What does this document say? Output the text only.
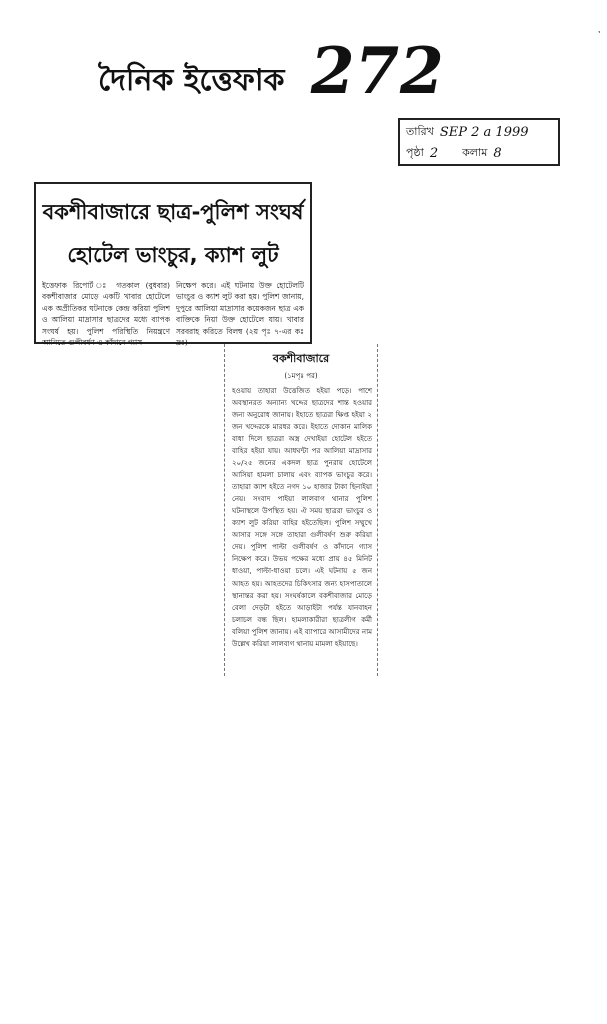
দৈনিক ইত্তেফাক 272	‛
তারিখ SEP 2 a 1999
পৃষ্ঠা 2 কলাম 8
বকশীবাজারে ছাত্র-পুলিশ সংঘর্ষ
হোটেল ভাংচুর, ক্যাশ লুট
ইত্তেফাক রিপোর্ট ঃ গতকাল (বুধবার) বকশীবাজার মোড়ে একটি খাবার হোটেলে এক অপ্রীতিকর ঘটনাকে কেন্দ্র করিয়া পুলিশ ও আলিয়া মাদ্রাসার ছাত্রদের মধ্যে ব্যাপক সংঘর্ষ হয়। পুলিশ পরিস্থিতি নিয়ন্ত্রণে আনিতে গুলীবর্ষণ ও কাঁদানে গ্যাস
নিক্ষেপ করে। এই ঘটনায় উক্ত হোটেলটি ভাংচুর ও ক্যাশ লুট করা হয়। পুলিশ জানায়, দুপুরে আলিয়া মাদ্রাসার কয়েকজন ছাত্র এক বাক্তিকে নিয়া উক্ত হোটেলে যায়। খাবার সরবরাহ করিতে বিলম্ব (২য় পৃঃ ৭-এর কঃ দ্রঃ)
বকশীবাজারে
(১মপৃঃ পর)
হওয়ায় তাহারা উত্তেজিত হইয়া পড়ে। পাশে অবস্থানরত অন্যান্য খদ্দের ছাত্রদের শান্ত হওয়ার জন্য অনুরোধ জানায়। ইহাতে ছাত্ররা ক্ষিপ্ত হইয়া ২ জন খদ্দেরকে মারধর করে। ইহাতে দোকান মালিক বাধা দিলে ছাত্ররা অস্ত্র দেখাইয়া হোটেল হইতে বাহির হইয়া যায়। আধঘন্টা পর আলিয়া মাদ্রাসার ২০/২৫ জনের একদল ছাত্র পুনরায় হোটেলে আসিয়া হামলা চালায় এবং ব্যাপক ভাংচুর করে। তাহারা ক্যাশ হইতে নগদ ১০ হাজার টাকা ছিনাইয়া নেয়। সংবাদ পাইয়া লালবাগ থানার পুলিশ ঘটনাস্থলে উপস্থিত হয়। ঐ সময় ছাত্ররা ভাংচুর ও ক্যাশ লুট করিয়া বাহির হইতেছিল। পুলিশ সম্মুখে আসার সঙ্গে সঙ্গে তাহারা গুলীবর্ষণ শুরু করিয়া দেয়। পুলিশ পাল্টা গুলীবর্ষণ ও কাঁদানে গ্যাস নিক্ষেপ করে। উভয় পক্ষের মধ্যে প্রায় ৪৫ মিনিট ধাওয়া, পাল্টা-ধাওয়া চলে। এই ঘটনায় ৫ জন আহত হয়। আহতদের চিকিৎসার জন্য হাসপাতালে স্থানান্তর করা হয়। সংঘর্ষকালে বকশীবাজার মোড়ে বেলা দেড়টা হইতে আড়াইটা পর্যন্ত যানবাহন চলাচল বন্ধ ছিল। হামলাকারীরা ছাত্রলীগ কর্মী বলিয়া পুলিশ জানায়। এই ব্যাপারে আসামীদের নাম উল্লেখ করিয়া লালবাগ থানায় মামলা হইয়াছে।
